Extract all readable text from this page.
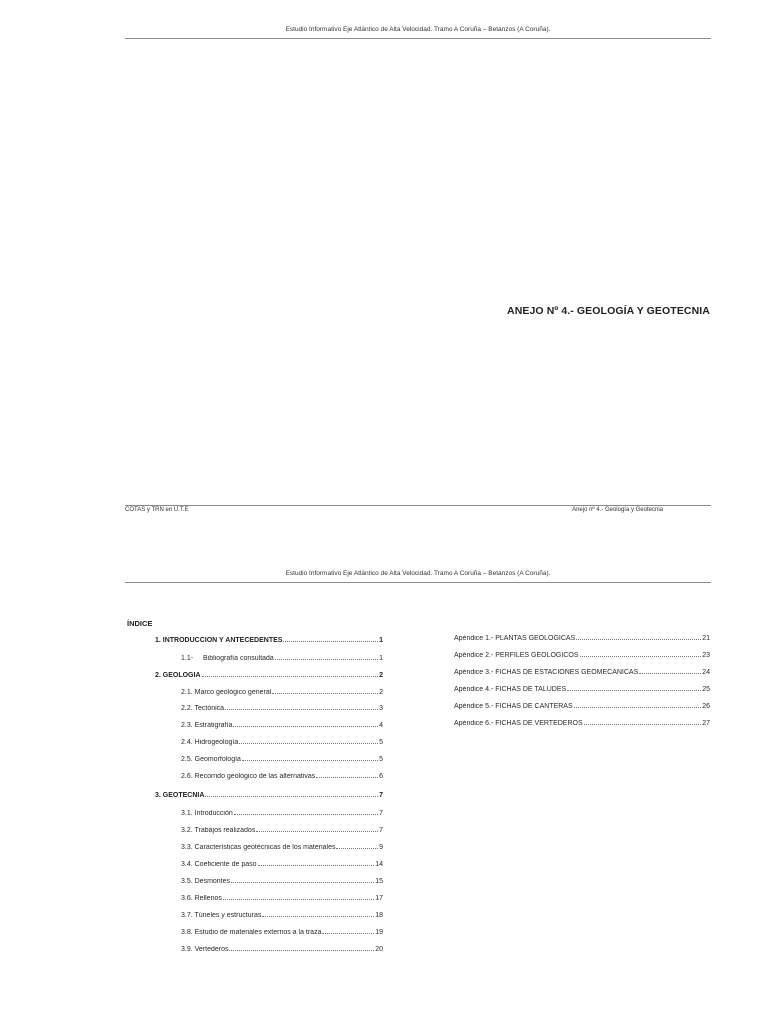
Estudio Informativo Eje Atlántico de Alta Velocidad. Tramo A Coruña – Betanzos (A Coruña).
ANEJO Nº 4.- GEOLOGÍA Y GEOTECNIA
COTAS y TRN en U.T.E	Anejo nº 4.- Geología y Geotecnia
Estudio Informativo Eje Atlántico de Alta Velocidad. Tramo A Coruña – Betanzos (A Coruña).
ÍNDICE
1. INTRODUCCIÓN Y ANTECEDENTES	1
1.1- Bibliografía consultada	1
2. GEOLOGÍA	2
2.1. Marco geológico general	2
2.2. Tectónica	3
2.3. Estratigrafía	4
2.4. Hidrogeología	5
2.5. Geomorfología	5
2.6. Recorrido geológico de las alternativas	6
3. GEOTECNIA	7
3.1. Introducción	7
3.2. Trabajos realizados	7
3.3. Características geotécnicas de los materiales	9
3.4. Coeficiente de paso	14
3.5. Desmontes	15
3.6. Rellenos	17
3.7. Túneles y estructuras	18
3.8. Estudio de materiales externos a la traza	19
3.9. Vertederos	20
Apéndice 1.- PLANTAS GEOLÓGICAS	21
Apéndice 2.- PERFILES GEOLÓGICOS	23
Apéndice 3.- FICHAS DE ESTACIONES GEOMECÁNICAS	24
Apéndice 4.- FICHAS DE TALUDES	25
Apéndice 5.- FICHAS DE CANTERAS	26
Apéndice 6.- FICHAS DE VERTEDEROS	27
